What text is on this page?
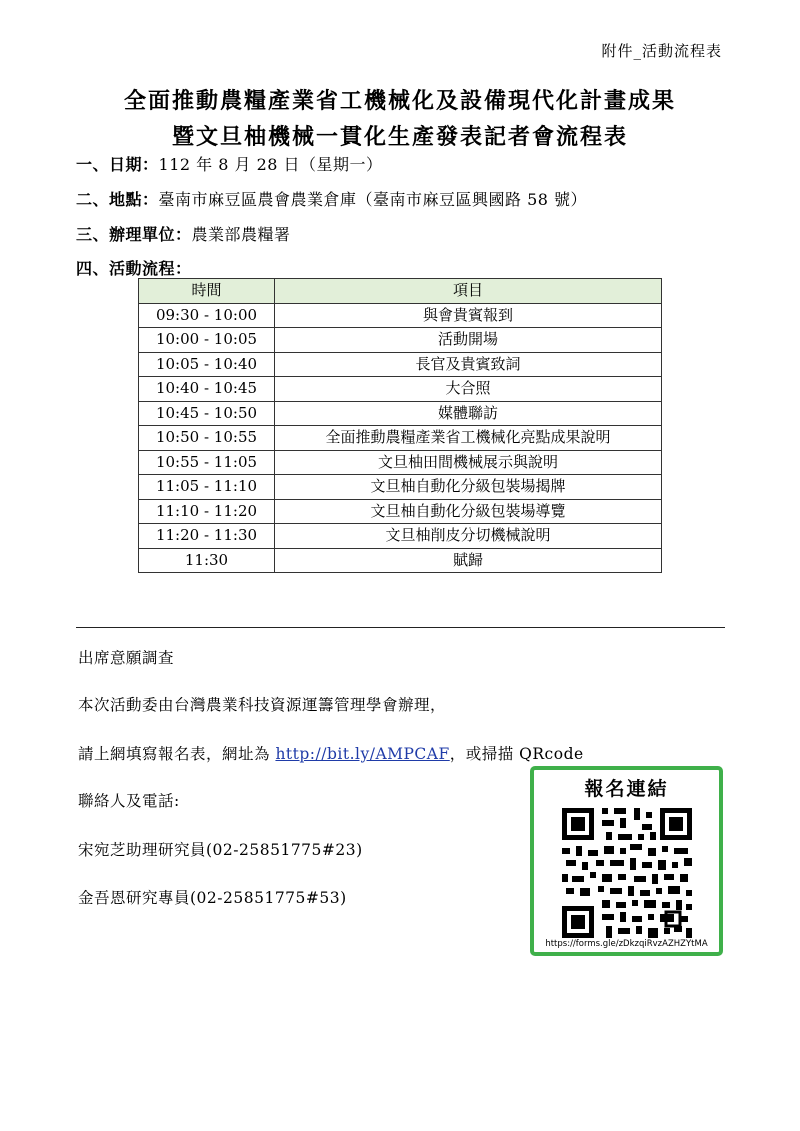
附件_活動流程表
全面推動農糧產業省工機械化及設備現代化計畫成果
暨文旦柚機械一貫化生產發表記者會流程表
一、日期：112 年 8 月 28 日（星期一）
二、地點：臺南市麻豆區農會農業倉庫（臺南市麻豆區興國路 58 號）
三、辦理單位：農業部農糧署
四、活動流程：
時間	項目
09:30 - 10:00	與會貴賓報到
10:00 - 10:05	活動開場
10:05 - 10:40	長官及貴賓致詞
10:40 - 10:45	大合照
10:45 - 10:50	媒體聯訪
10:50 - 10:55	全面推動農糧產業省工機械化亮點成果說明
10:55 - 11:05	文旦柚田間機械展示與說明
11:05 - 11:10	文旦柚自動化分級包裝場揭牌
11:10 - 11:20	文旦柚自動化分級包裝場導覽
11:20 - 11:30	文旦柚削皮分切機械說明
11:30	賦歸
出席意願調查
本次活動委由台灣農業科技資源運籌管理學會辦理，
請上網填寫報名表，網址為 http://bit.ly/AMPCAF，或掃描 QRcode
聯絡人及電話:
宋宛芝助理研究員(02-25851775#23)
金吾恩研究專員(02-25851775#53)
報名連結
https://forms.gle/zDkzqiRvzAZHZYtMA
